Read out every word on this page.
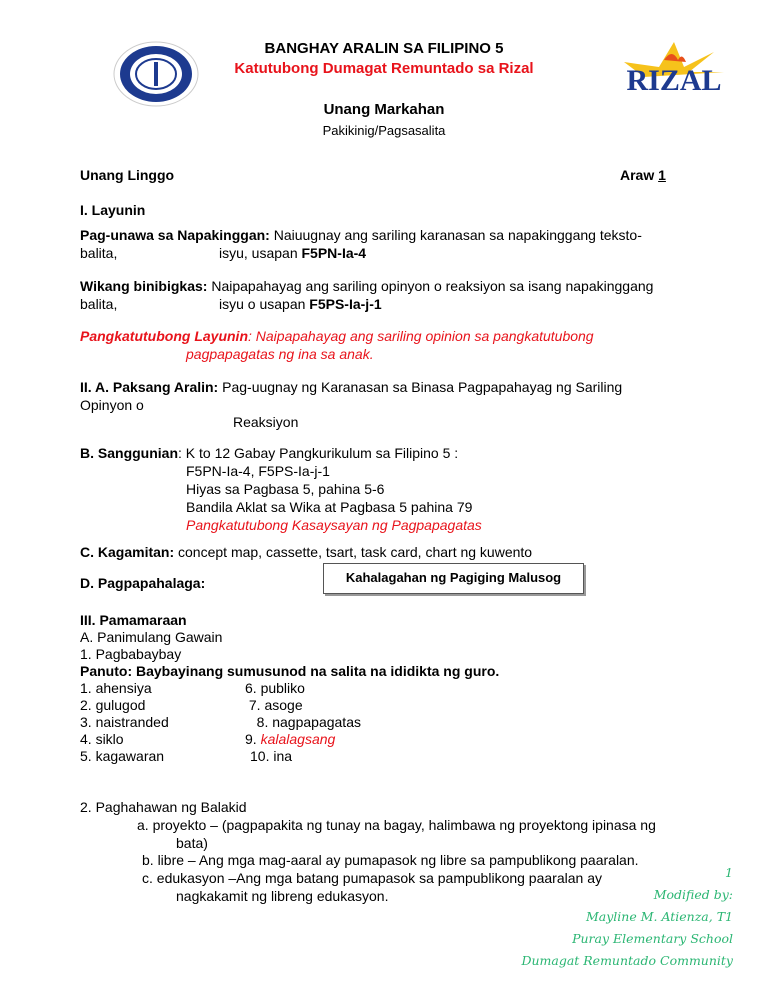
RIZAL
BANGHAY ARALIN SA FILIPINO 5
Katutubong Dumagat Remuntado sa Rizal
Unang Markahan
Pakikinig/Pagsasalita
Unang Linggo	Araw 1
I. Layunin
Pag-unawa sa Napakinggan: Naiuugnay ang sariling karanasan sa napakinggang teksto-
balita,	isyu, usapan F5PN-Ia-4
Wikang binibigkas: Naipapahayag ang sariling opinyon o reaksiyon sa isang napakinggang
balita,	isyu o usapan F5PS-Ia-j-1
Pangkatutubong Layunin: Naipapahayag ang sariling opinion sa pangkatutubong
pagpapagatas ng ina sa anak.
II. A. Paksang Aralin: Pag-uugnay ng Karanasan sa Binasa Pagpapahayag ng Sariling
Opinyon o
Reaksiyon
B. Sanggunian: K to 12 Gabay Pangkurikulum sa Filipino 5 :
F5PN-Ia-4, F5PS-Ia-j-1
Hiyas sa Pagbasa 5, pahina 5-6
Bandila Aklat sa Wika at Pagbasa 5 pahina 79
Pangkatutubong Kasaysayan ng Pagpapagatas
C. Kagamitan: concept map, cassette, tsart, task card, chart ng kuwento
D. Pagpapahalaga:	Kahalagahan ng Pagiging Malusog
III. Pamamaraan
A. Panimulang Gawain
1. Pagbabaybay
Panuto: Baybayinang sumusunod na salita na ididikta ng guro.
1. ahensiya
2. gulugod
3. naistranded
4. siklo
5. kagawaran
6. publiko
7. asoge
8. nagpapagatas
9. kalalagsang
10. ina
2. Paghahawan ng Balakid
a. proyekto – (pagpapakita ng tunay na bagay, halimbawa ng proyektong ipinasa ng
bata)
b. libre – Ang mga mag-aaral ay pumapasok ng libre sa pampublikong paaralan.
c. edukasyon –Ang mga batang pumapasok sa pampublikong paaralan ay
nagkakamit ng libreng edukasyon.
1
Modified by:
Mayline M. Atienza, T1
Puray Elementary School
Dumagat Remuntado Community
